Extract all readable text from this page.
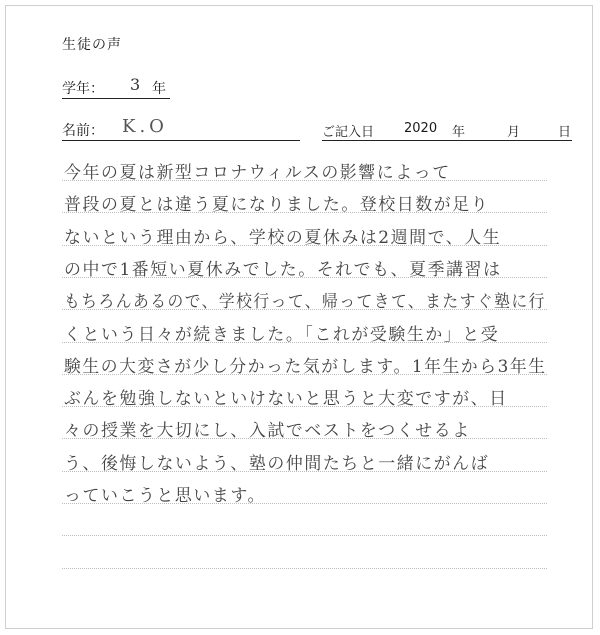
生徒の声
学年： 3 年
名前： K.O	ご記入日 2020 年	月	日
今年の夏は新型コロナウィルスの影響によって
普段の夏とは違う夏になりました。登校日数が足り
ないという理由から、学校の夏休みは2週間で、人生
の中で1番短い夏休みでした。それでも、夏季講習は
もちろんあるので、学校行って、帰ってきて、またすぐ塾に行
くという日々が続きました。「これが受験生か」と受
験生の大変さが少し分かった気がします。1年生から3年生
ぶんを勉強しないといけないと思うと大変ですが、日
々の授業を大切にし、入試でベストをつくせるよ
う、後悔しないよう、塾の仲間たちと一緒にがんば
っていこうと思います。
